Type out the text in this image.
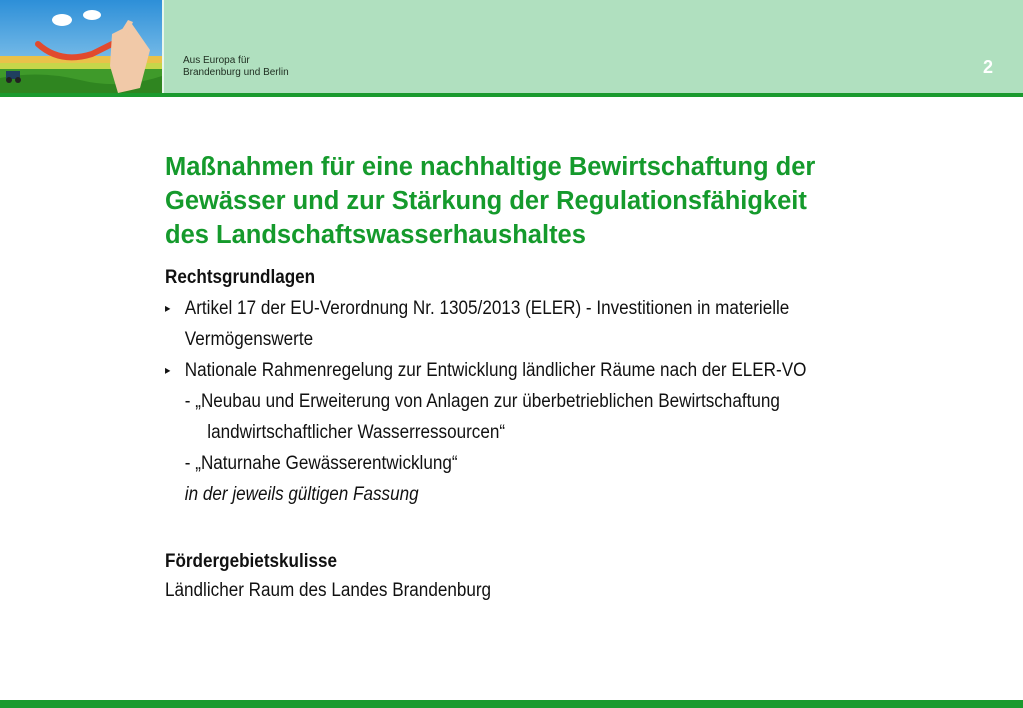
Aus Europa für
Brandenburg und Berlin	2
Maßnahmen für eine nachhaltige Bewirtschaftung der
Gewässer und zur Stärkung der Regulationsfähigkeit
des Landschaftswasserhaushaltes
Rechtsgrundlagen
▸ Artikel 17 der EU-Verordnung Nr. 1305/2013 (ELER) - Investitionen in materielle
Vermögenswerte
▸ Nationale Rahmenregelung zur Entwicklung ländlicher Räume nach der ELER-VO
- „Neubau und Erweiterung von Anlagen zur überbetrieblichen Bewirtschaftung
landwirtschaftlicher Wasserressourcen“
- „Naturnahe Gewässerentwicklung“
in der jeweils gültigen Fassung
Fördergebietskulisse
Ländlicher Raum des Landes Brandenburg
